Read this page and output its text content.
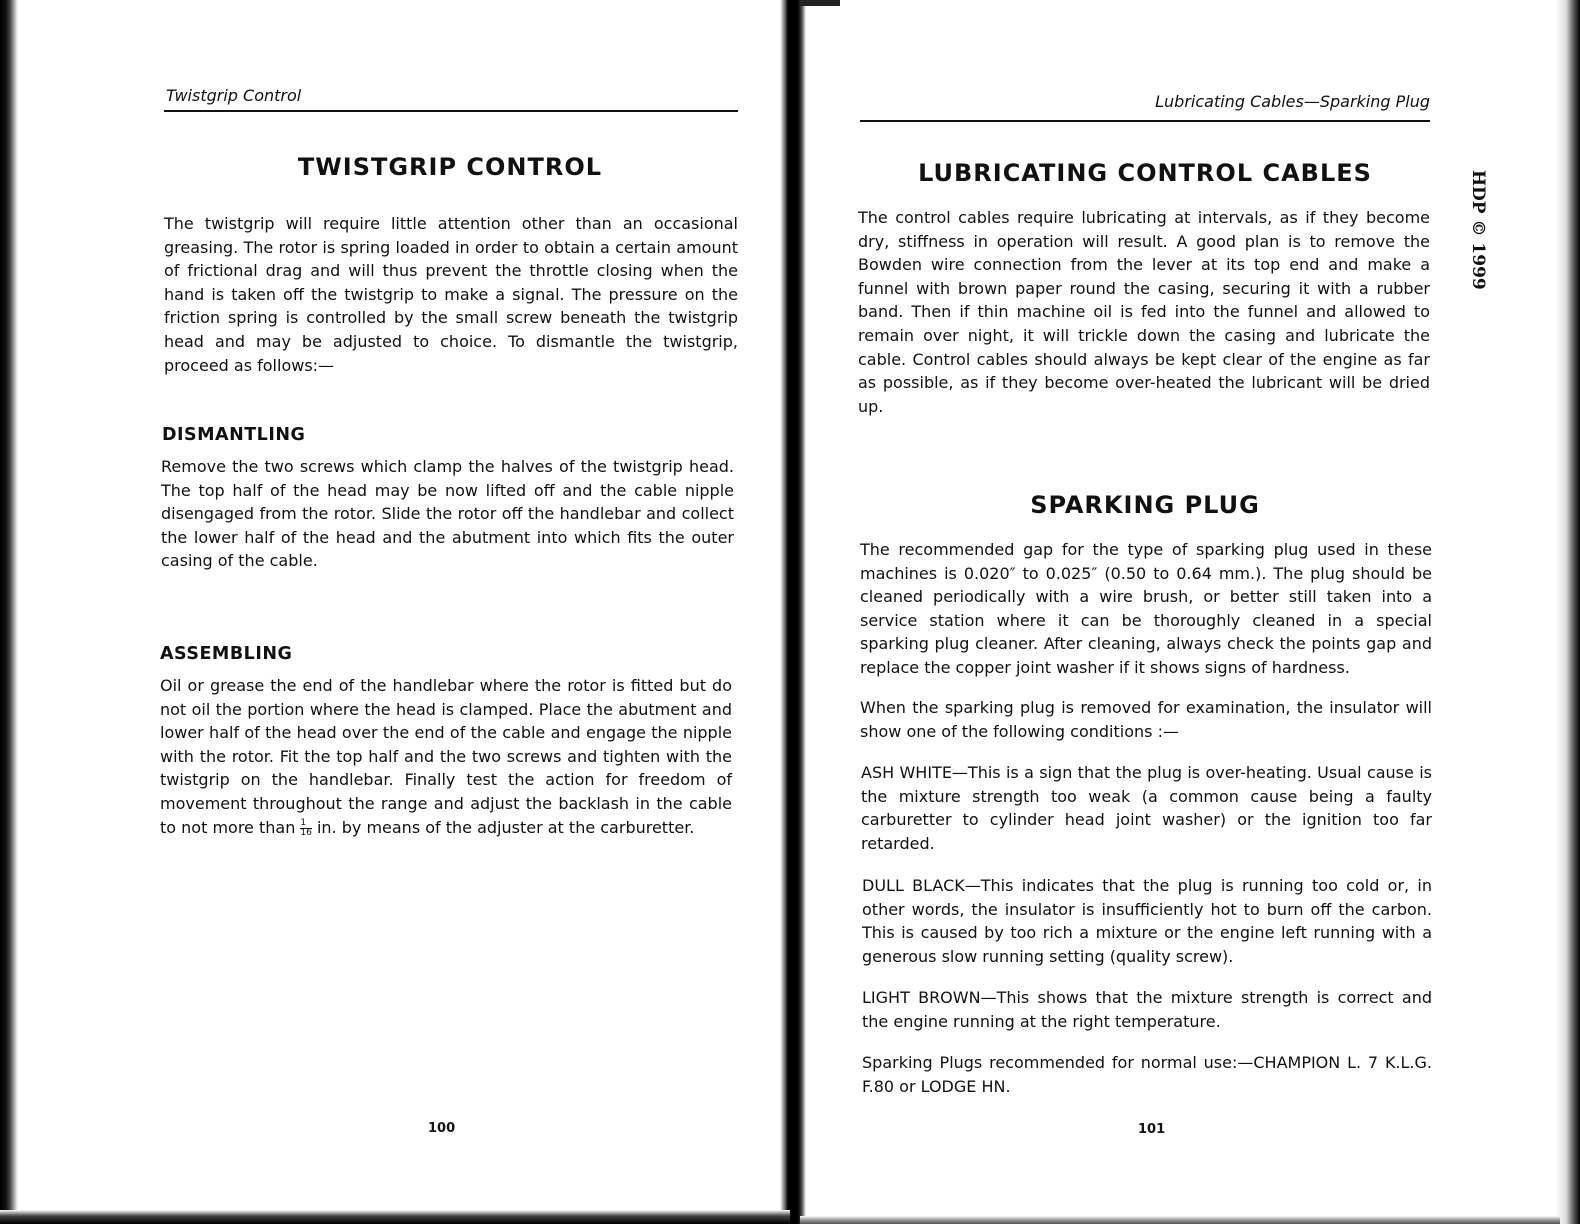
Twistgrip Control
TWISTGRIP CONTROL

The twistgrip will require little attention other than an occasional greasing. The rotor is spring loaded in order to obtain a certain amount of frictional drag and will thus prevent the throttle closing when the hand is taken off the twistgrip to make a signal. The pressure on the friction spring is controlled by the small screw beneath the twistgrip head and may be adjusted to choice. To dismantle the twistgrip, proceed as follows:—

DISMANTLING

Remove the two screws which clamp the halves of the twistgrip head. The top half of the head may be now lifted off and the cable nipple disengaged from the rotor. Slide the rotor off the handlebar and collect the lower half of the head and the abutment into which fits the outer casing of the cable.

ASSEMBLING

Oil or grease the end of the handlebar where the rotor is fitted but do not oil the portion where the head is clamped. Place the abutment and lower half of the head over the end of the cable and engage the nipple with the rotor. Fit the top half and the two screws and tighten with the twistgrip on the handlebar. Finally test the action for freedom of movement throughout the range and adjust the backlash in the cable to not more than $\frac{1}{16}$ in. by means of the adjuster at the carburetter.

100
Lubricating Cables—Sparking Plug
LUBRICATING CONTROL CABLES

The control cables require lubricating at intervals, as if they become dry, stiffness in operation will result. A good plan is to remove the Bowden wire connection from the lever at its top end and make a funnel with brown paper round the casing, securing it with a rubber band. Then if thin machine oil is fed into the funnel and allowed to remain over night, it will trickle down the casing and lubricate the cable. Control cables should always be kept clear of the engine as far as possible, as if they become over-heated the lubricant will be dried up.

SPARKING PLUG

The recommended gap for the type of sparking plug used in these machines is 0.020″ to 0.025″ (0.50 to 0.64 mm.). The plug should be cleaned periodically with a wire brush, or better still taken into a service station where it can be thoroughly cleaned in a special sparking plug cleaner. After cleaning, always check the points gap and replace the copper joint washer if it shows signs of hardness.

When the sparking plug is removed for examination, the insulator will show one of the following conditions :—

ASH WHITE—This is a sign that the plug is over-heating. Usual cause is the mixture strength too weak (a common cause being a faulty carburetter to cylinder head joint washer) or the ignition too far retarded.

DULL BLACK—This indicates that the plug is running too cold or, in other words, the insulator is insufficiently hot to burn off the carbon. This is caused by too rich a mixture or the engine left running with a generous slow running setting (quality screw).

LIGHT BROWN—This shows that the mixture strength is correct and the engine running at the right temperature.

Sparking Plugs recommended for normal use:—CHAMPION L. 7 K.L.G. F.80 or LODGE HN.

101
HDP © 1999
